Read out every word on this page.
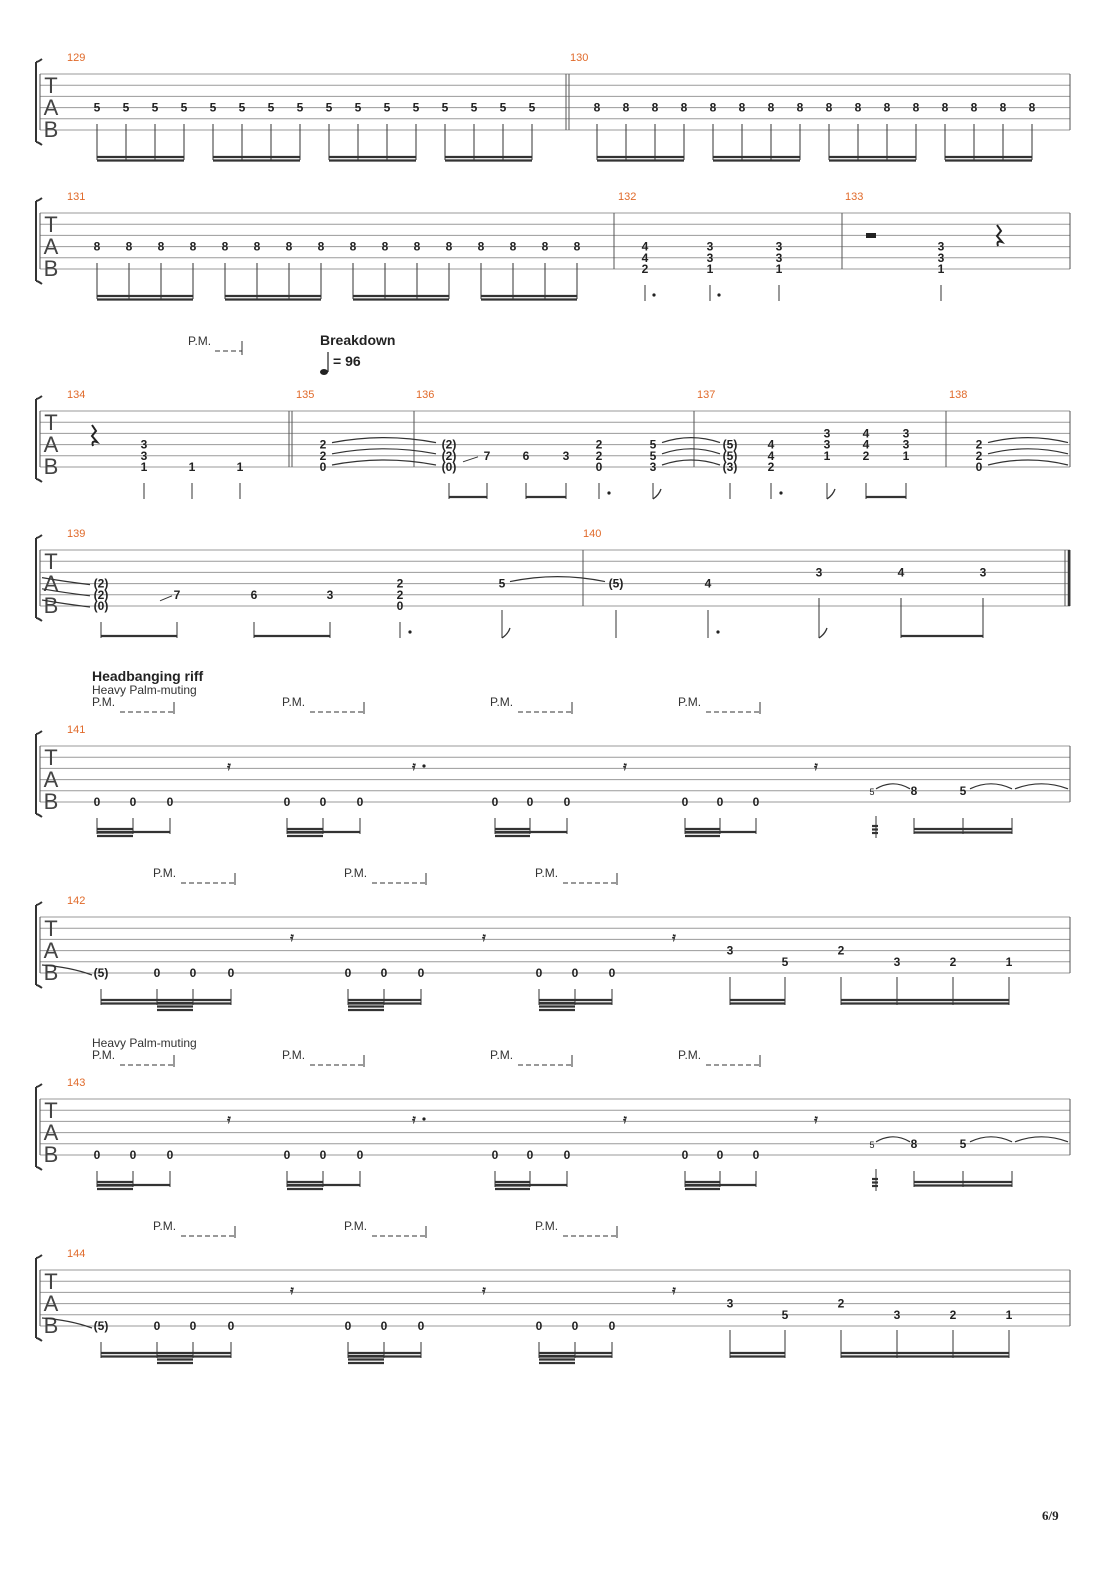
T
A
B
129	130
5 5 5 5 5 5 5 5 5 5 5 5 5 5 5 5	8 8 8 8 8 8 8 8 8 8 8 8 8 8 8 8
T
A
B
131	132	133
8 8 8 8 8 8 8 8 8 8 8 8 8 8 8 8	4
4
2
3
3
1
3
3
1
3
3
1
T
A
B
P.M.	Breakdown
= 96
134	135	136	137	138
3
3
1	1	1
2
2
0
(2)
(2)
(0)
7	6	3
2
2
0
5
5
3
(5)
(5)
(3)
4
4
2
3
3
1
4
4
2
3
3
1
2
2
0
T
A
B
139	140
(2)
(2)
(0)
7	6	3
2
2
0
5	(5)	4
3	4	3
T
A
B
Headbanging riff
Heavy Palm-muting
P.M.	P.M.	P.M.	P.M.
141
0 0	0	0 0	0	0 0	0	0 0 0
𝄿	𝄿	𝄿
𝄿
5	8	5
T
A
B
P.M.	P.M.	P.M.
142
(5)	0 0	0	0 0	0	0 0	0
𝄿	𝄿	𝄿
3
5
2
3	2	1
T
A
B
Heavy Palm-muting
P.M.	P.M.	P.M.	P.M.
143
0 0	0	0 0	0	0 0	0	0 0 0
𝄿	𝄿	𝄿
𝄿
5	8	5
T
A
B
P.M.	P.M.	P.M.
144
(5)	0 0	0	0 0	0	0 0	0
𝄿	𝄿	𝄿
3
5
2
3	2	1
6/9
